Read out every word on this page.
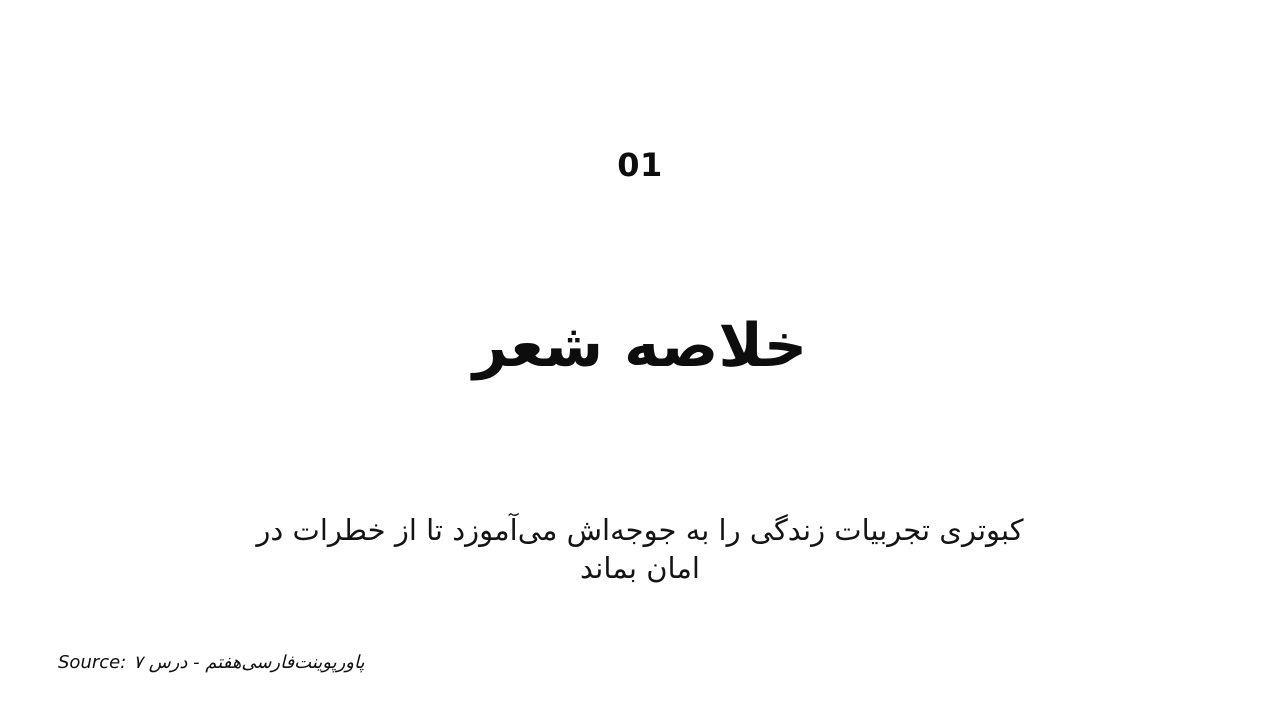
01
خلاصه شعر
کبوتری تجربیات زندگی را به جوجه‌اش می‌آموزد تا از خطرات در
امان بماند
Source: پاورپوینت‌فارسی‌هفتم - درس ۷
